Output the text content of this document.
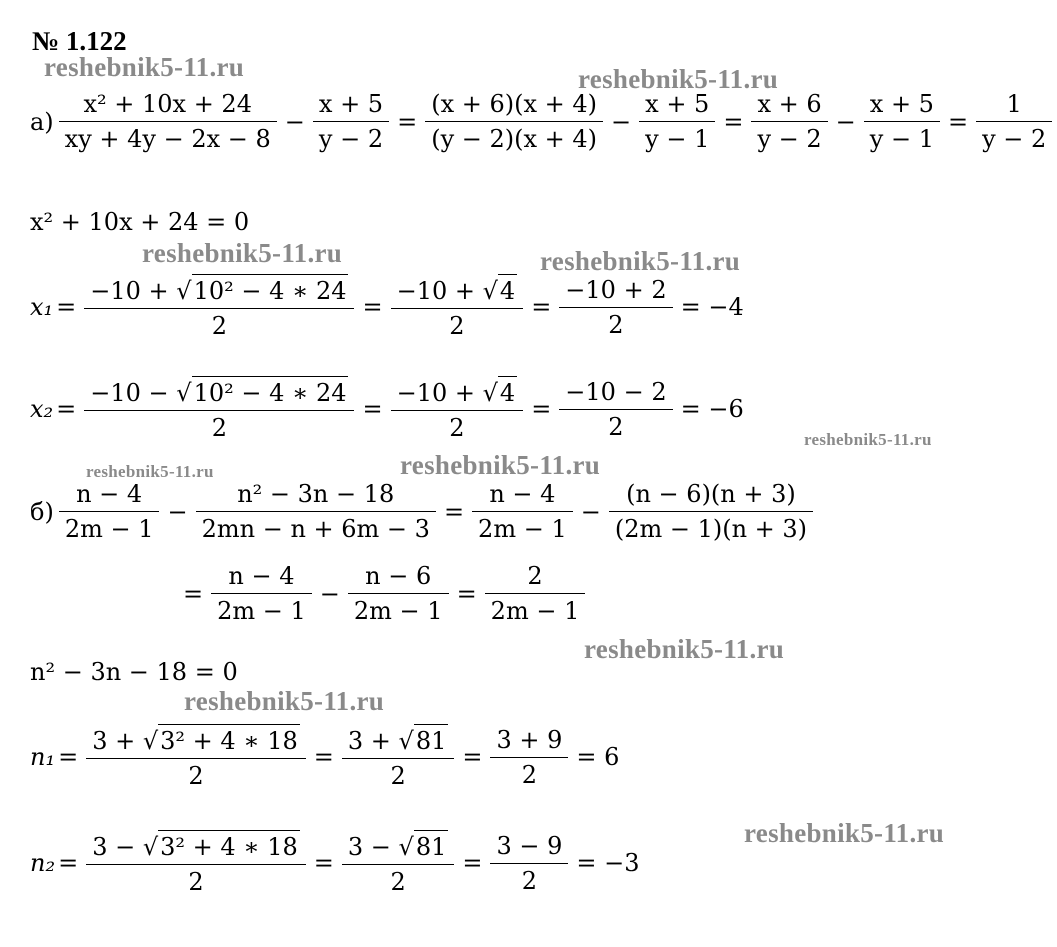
№ 1.122
reshebnik5-11.ru	reshebnik5-11.ru
reshebnik5-11.ru	reshebnik5-11.ru
reshebnik5-11.ru
reshebnik5-11.ru	reshebnik5-11.ru
reshebnik5-11.ru
reshebnik5-11.ru
reshebnik5-11.ru
$а) \frac{\text{x² + 10x + 24}}{xy + 4y - 2x - 8} - \frac{x + 5}{y - 2} = \frac{(x + 6)(x + 4)}{(y - 2)(x + 4)} - \frac{x + 5}{y - 1} = \frac{x + 6}{y - 2} - \frac{x + 5}{y - 1} = \frac{1}{y - 2}$
x² + 10x + 24 = 0
$x_1 = \frac{\text{−10 + √ 10² − 4 ∗ 24}}{2} = \frac{-10 + √ 4}{2} = \frac{-10 + 2}{2} = -4$
$x_2 = \frac{\text{−10 − √ 10² − 4 ∗ 24}}{2} = \frac{-10 + √ 4}{2} = \frac{-10 - 2}{2} = -6$
$б) \frac{n - 4}{2m - 1} - \frac{\text{n² − 3n − 18}}{2mn - n + 6m - 3} = \frac{n - 4}{2m - 1} - \frac{(n - 6)(n + 3)}{(2m - 1)(n + 3)}$
= $\frac{n - 4}{2m - 1} - \frac{n - 6}{2m - 1} = \frac{2}{2m - 1}$
n² − 3n − 18 = 0
$n_1 = \frac{\text{3 + √ 3² + 4 ∗ 18}}{2} = \frac{3 + √ 81}{2} = \frac{3 + 9}{2} = 6$
$n_2 = \frac{\text{3 − √ 3² + 4 ∗ 18}}{2} = \frac{3 - √ 81}{2} = \frac{3 - 9}{2} = -3$
